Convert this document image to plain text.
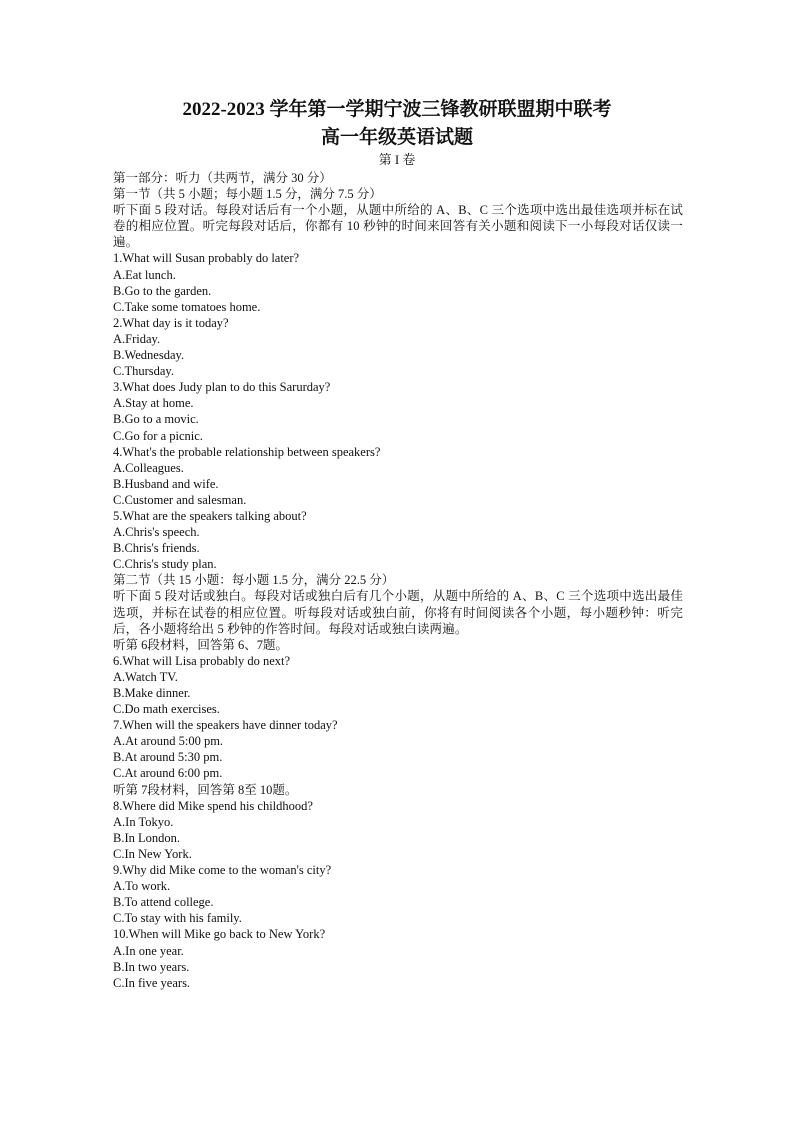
2022-2023 学年第一学期宁波三锋教研联盟期中联考
高一年级英语试题
第 I 卷
第一部分：听力（共两节，满分 30 分）
第一节（共 5 小题；每小题 1.5 分，满分 7.5 分）
听下面 5 段对话。每段对话后有一个小题，从题中所给的 A、B、C 三个选项中选出最佳选项并标在试卷的相应位置。听完每段对话后，你都有 10 秒钟的时间来回答有关小题和阅读下一小每段对话仅读一遍。
1.What will Susan probably do later?
A.Eat lunch.
B.Go to the garden.
C.Take some tomatoes home.
2.What day is it today?
A.Friday.
B.Wednesday.
C.Thursday.
3.What does Judy plan to do this Sarurday?
A.Stay at home.
B.Go to a movic.
C.Go for a picnic.
4.What's the probable relationship between speakers?
A.Colleagues.
B.Husband and wife.
C.Customer and salesman.
5.What are the speakers talking about?
A.Chris's speech.
B.Chris's friends.
C.Chris's study plan.
第二节（共 15 小题：每小题 1.5 分，满分 22.5 分）
听下面 5 段对话或独白。每段对话或独白后有几个小题，从题中所给的 A、B、C 三个选项中选出最佳选项，并标在试卷的相应位置。听每段对话或独白前，你将有时间阅读各个小题，每小题秒钟：听完后，各小题将给出 5 秒钟的作答时间。每段对话或独白读两遍。
听第 6段材料，回答第 6、7题。
6.What will Lisa probably do next?
A.Watch TV.
B.Make dinner.
C.Do math exercises.
7.When will the speakers have dinner today?
A.At around 5:00 pm.
B.At around 5:30 pm.
C.At around 6:00 pm.
听第 7段材料，回答第 8至 10题。
8.Where did Mike spend his childhood?
A.In Tokyo.
B.In London.
C.In New York.
9.Why did Mike come to the woman's city?
A.To work.
B.To attend college.
C.To stay with his family.
10.When will Mike go back to New York?
A.In one year.
B.In two years.
C.In five years.
